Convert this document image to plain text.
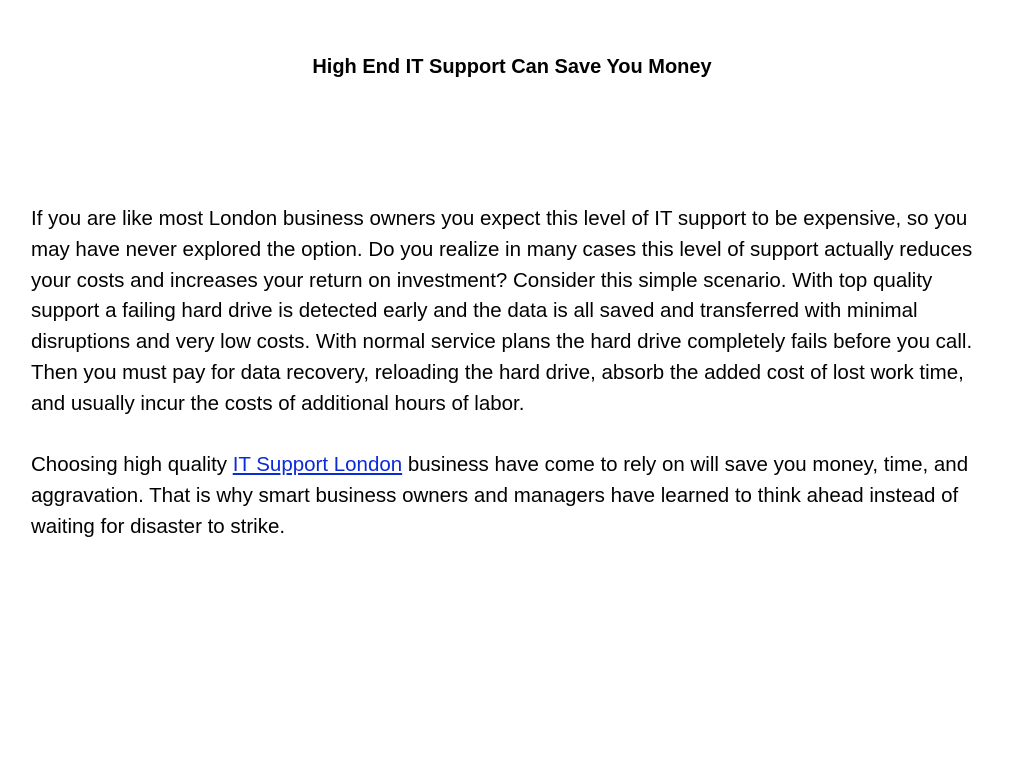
High End IT Support Can Save You Money

If you are like most London business owners you expect this level of IT support to be expensive, so you may have never explored the option. Do you realize in many cases this level of support actually reduces your costs and increases your return on investment? Consider this simple scenario. With top quality support a failing hard drive is detected early and the data is all saved and transferred with minimal disruptions and very low costs. With normal service plans the hard drive completely fails before you call. Then you must pay for data recovery, reloading the hard drive, absorb the added cost of lost work time, and usually incur the costs of additional hours of labor.

Choosing high quality IT Support London business have come to rely on will save you money, time, and aggravation. That is why smart business owners and managers have learned to think ahead instead of waiting for disaster to strike.
